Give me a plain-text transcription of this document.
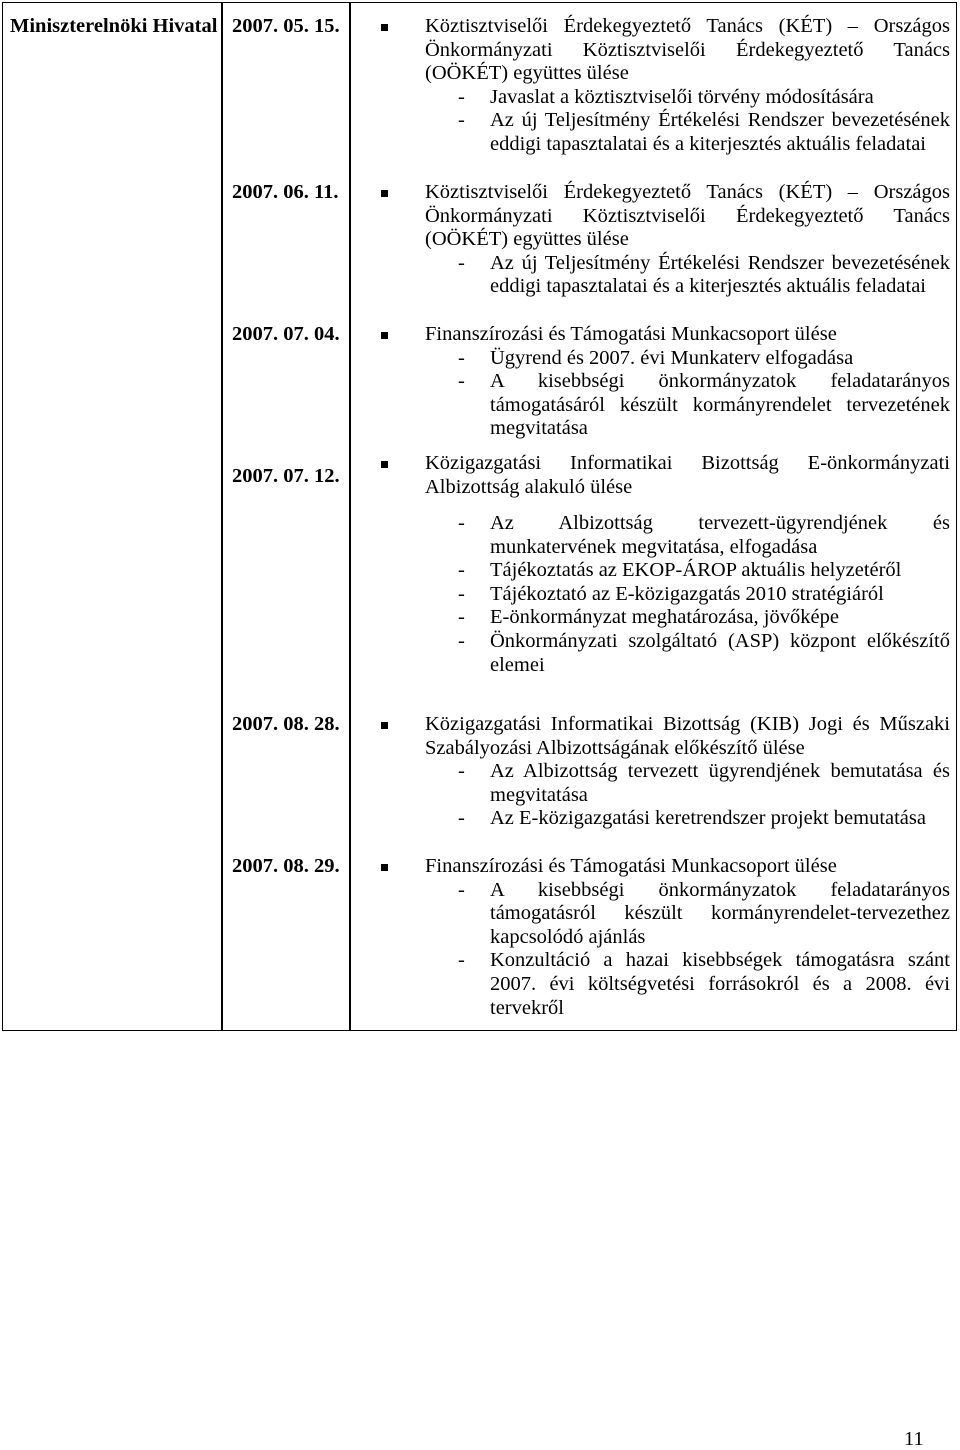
Miniszterelnöki Hivatal 2007. 05. 15.
2007. 06. 11.
2007. 07. 04.
2007. 07. 12.
2007. 08. 28.
2007. 08. 29.
Köztisztviselői Érdekegyeztető Tanács (KÉT) – Országos Önkormányzati Köztisztviselői Érdekegyeztető Tanács (OÖKÉT) együttes ülése
- Javaslat a köztisztviselői törvény módosítására
- Az új Teljesítmény Értékelési Rendszer bevezetésének eddigi tapasztalatai és a kiterjesztés aktuális feladatai
Köztisztviselői Érdekegyeztető Tanács (KÉT) – Országos Önkormányzati Köztisztviselői Érdekegyeztető Tanács (OÖKÉT) együttes ülése
- Az új Teljesítmény Értékelési Rendszer bevezetésének eddigi tapasztalatai és a kiterjesztés aktuális feladatai
Finanszírozási és Támogatási Munkacsoport ülése
- Ügyrend és 2007. évi Munkaterv elfogadása
- A kisebbségi önkormányzatok feladatarányos támogatásáról készült kormányrendelet tervezetének megvitatása
Közigazgatási Informatikai Bizottság E-önkormányzati Albizottság alakuló ülése
- Az Albizottság tervezett-ügyrendjének és munkatervének megvitatása, elfogadása
- Tájékoztatás az EKOP-ÁROP aktuális helyzetéről
- Tájékoztató az E-közigazgatás 2010 stratégiáról
- E-önkormányzat meghatározása, jövőképe
- Önkormányzati szolgáltató (ASP) központ előkészítő elemei
Közigazgatási Informatikai Bizottság (KIB) Jogi és Műszaki Szabályozási Albizottságának előkészítő ülése
- Az Albizottság tervezett ügyrendjének bemutatása és megvitatása
- Az E-közigazgatási keretrendszer projekt bemutatása
Finanszírozási és Támogatási Munkacsoport ülése
- A kisebbségi önkormányzatok feladatarányos támogatásról készült kormányrendelet-tervezethez kapcsolódó ajánlás
- Konzultáció a hazai kisebbségek támogatásra szánt 2007. évi költségvetési forrásokról és a 2008. évi tervekről
11
